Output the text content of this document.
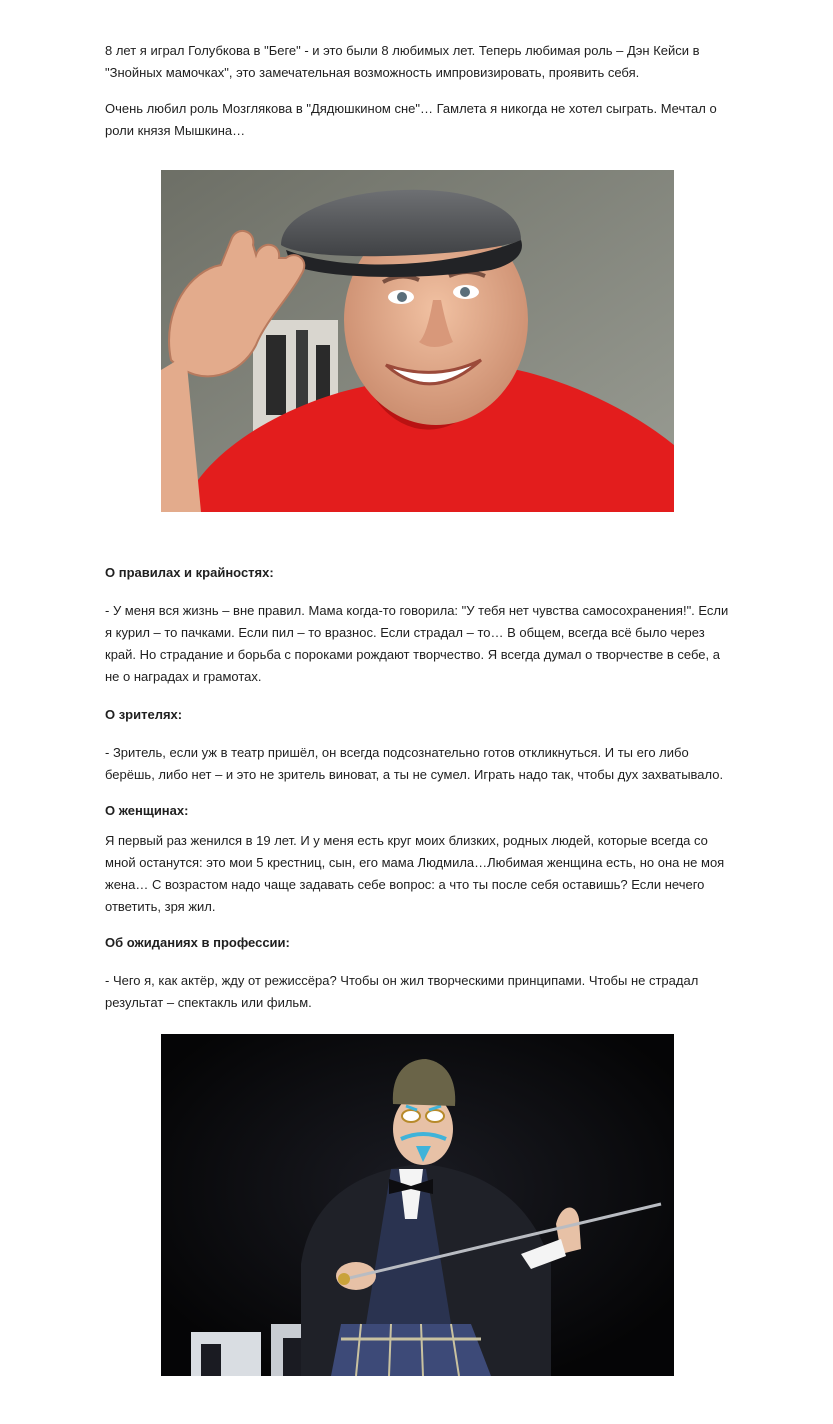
8 лет я играл Голубкова в "Беге" - и это были 8 любимых лет. Теперь любимая роль – Дэн Кейси в "Знойных мамочках", это замечательная возможность импровизировать, проявить себя.

Очень любил роль Мозглякова в "Дядюшкином сне"… Гамлета я никогда не хотел сыграть. Мечтал о роли князя Мышкина…

О правилах и крайностях:

- У меня вся жизнь – вне правил. Мама когда-то говорила: "У тебя нет чувства самосохранения!". Если я курил – то пачками. Если пил – то вразнос. Если страдал – то… В общем, всегда всё было через край. Но страдание и борьба с пороками рождают творчество. Я всегда думал о творчестве в себе, а не о наградах и грамотах.

О зрителях:

- Зритель, если уж в театр пришёл, он всегда подсознательно готов откликнуться. И ты его либо берёшь, либо нет – и это не зритель виноват, а ты не сумел. Играть надо так, чтобы дух захватывало.

О женщинах:

Я первый раз женился в 19 лет. И у меня есть круг моих близких, родных людей, которые всегда со мной останутся: это мои 5 крестниц, сын, его мама Людмила…Любимая женщина есть, но она не моя жена… С возрастом надо чаще задавать себе вопрос: а что ты после себя оставишь? Если нечего ответить, зря жил.

Об ожиданиях в профессии:

- Чего я, как актёр, жду от режиссёра? Чтобы он жил творческими принципами. Чтобы не страдал результат – спектакль или фильм.
